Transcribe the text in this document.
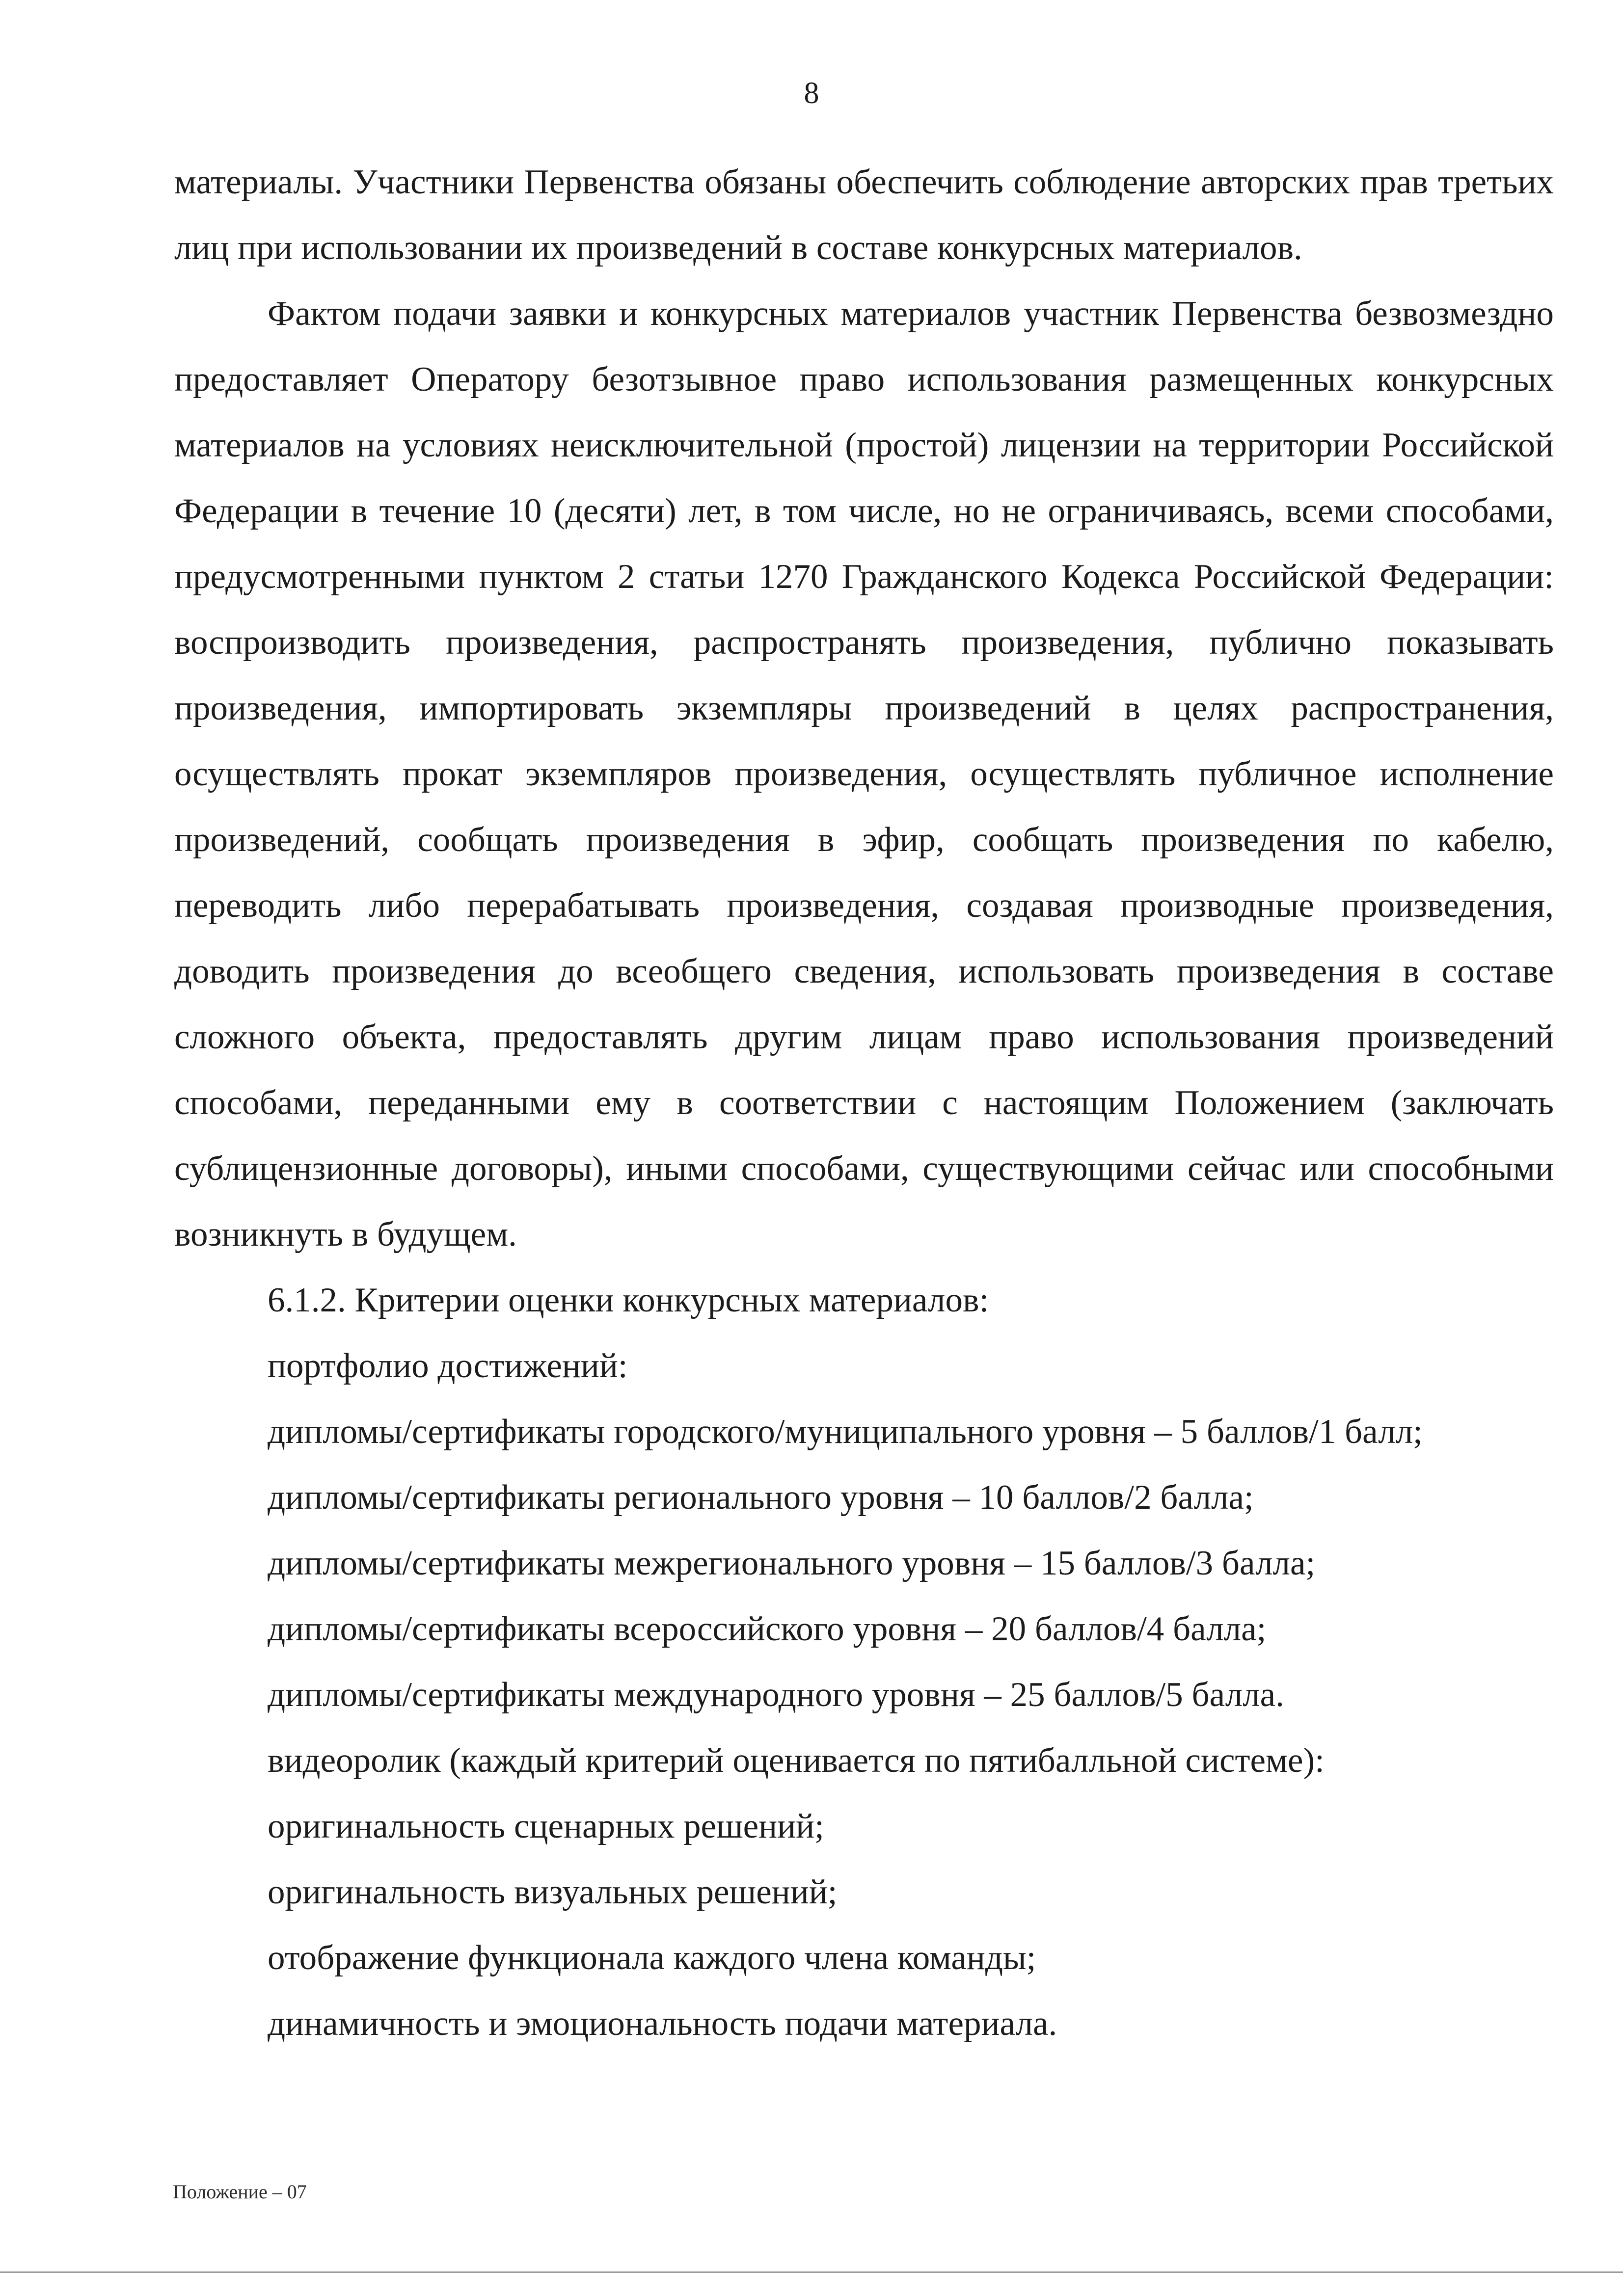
8

материалы. Участники Первенства обязаны обеспечить соблюдение авторских прав третьих лиц при использовании их произведений в составе конкурсных материалов.

Фактом подачи заявки и конкурсных материалов участник Первенства безвозмездно предоставляет Оператору безотзывное право использования размещенных конкурсных материалов на условиях неисключительной (простой) лицензии на территории Российской Федерации в течение 10 (десяти) лет, в том числе, но не ограничиваясь, всеми способами, предусмотренными пунктом 2 статьи 1270 Гражданского Кодекса Российской Федерации: воспроизводить произведения, распространять произведения, публично показывать произведения, импортировать экземпляры произведений в целях распространения, осуществлять прокат экземпляров произведения, осуществлять публичное исполнение произведений, сообщать произведения в эфир, сообщать произведения по кабелю, переводить либо перерабатывать произведения, создавая производные произведения, доводить произведения до всеобщего сведения, использовать произведения в составе сложного объекта, предоставлять другим лицам право использования произведений способами, переданными ему в соответствии с настоящим Положением (заключать сублицензионные договоры), иными способами, существующими сейчас или способными возникнуть в будущем.

6.1.2. Критерии оценки конкурсных материалов:
портфолио достижений:
дипломы/сертификаты городского/муниципального уровня – 5 баллов/1 балл;
дипломы/сертификаты регионального уровня – 10 баллов/2 балла;
дипломы/сертификаты межрегионального уровня – 15 баллов/3 балла;
дипломы/сертификаты всероссийского уровня – 20 баллов/4 балла;
дипломы/сертификаты международного уровня – 25 баллов/5 балла.
видеоролик (каждый критерий оценивается по пятибалльной системе):
оригинальность сценарных решений;
оригинальность визуальных решений;
отображение функционала каждого члена команды;
динамичность и эмоциональность подачи материала.
Положение – 07
